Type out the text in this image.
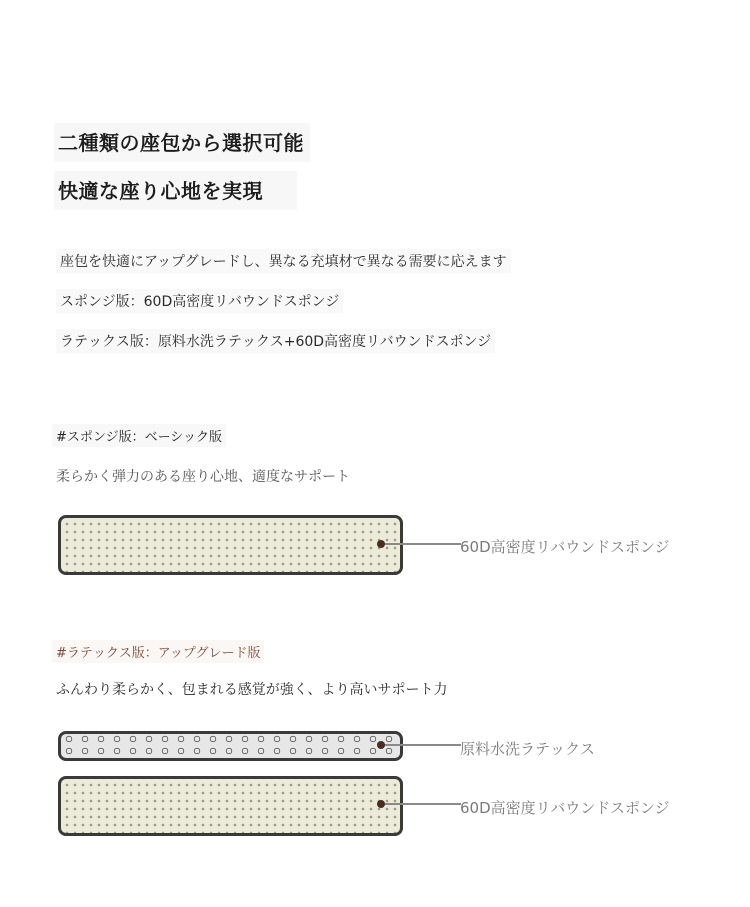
二種類の座包から選択可能
快適な座り心地を実現
座包を快適にアップグレードし、異なる充填材で異なる需要に応えます
スポンジ版：60D高密度リバウンドスポンジ
ラテックス版：原料水洗ラテックス+60D高密度リバウンドスポンジ
#スポンジ版：ベーシック版
柔らかく弾力のある座り心地、適度なサポート
60D高密度リバウンドスポンジ
#ラテックス版：アップグレード版
ふんわり柔らかく、包まれる感覚が強く、より高いサポート力
原料水洗ラテックス
60D高密度リバウンドスポンジ
